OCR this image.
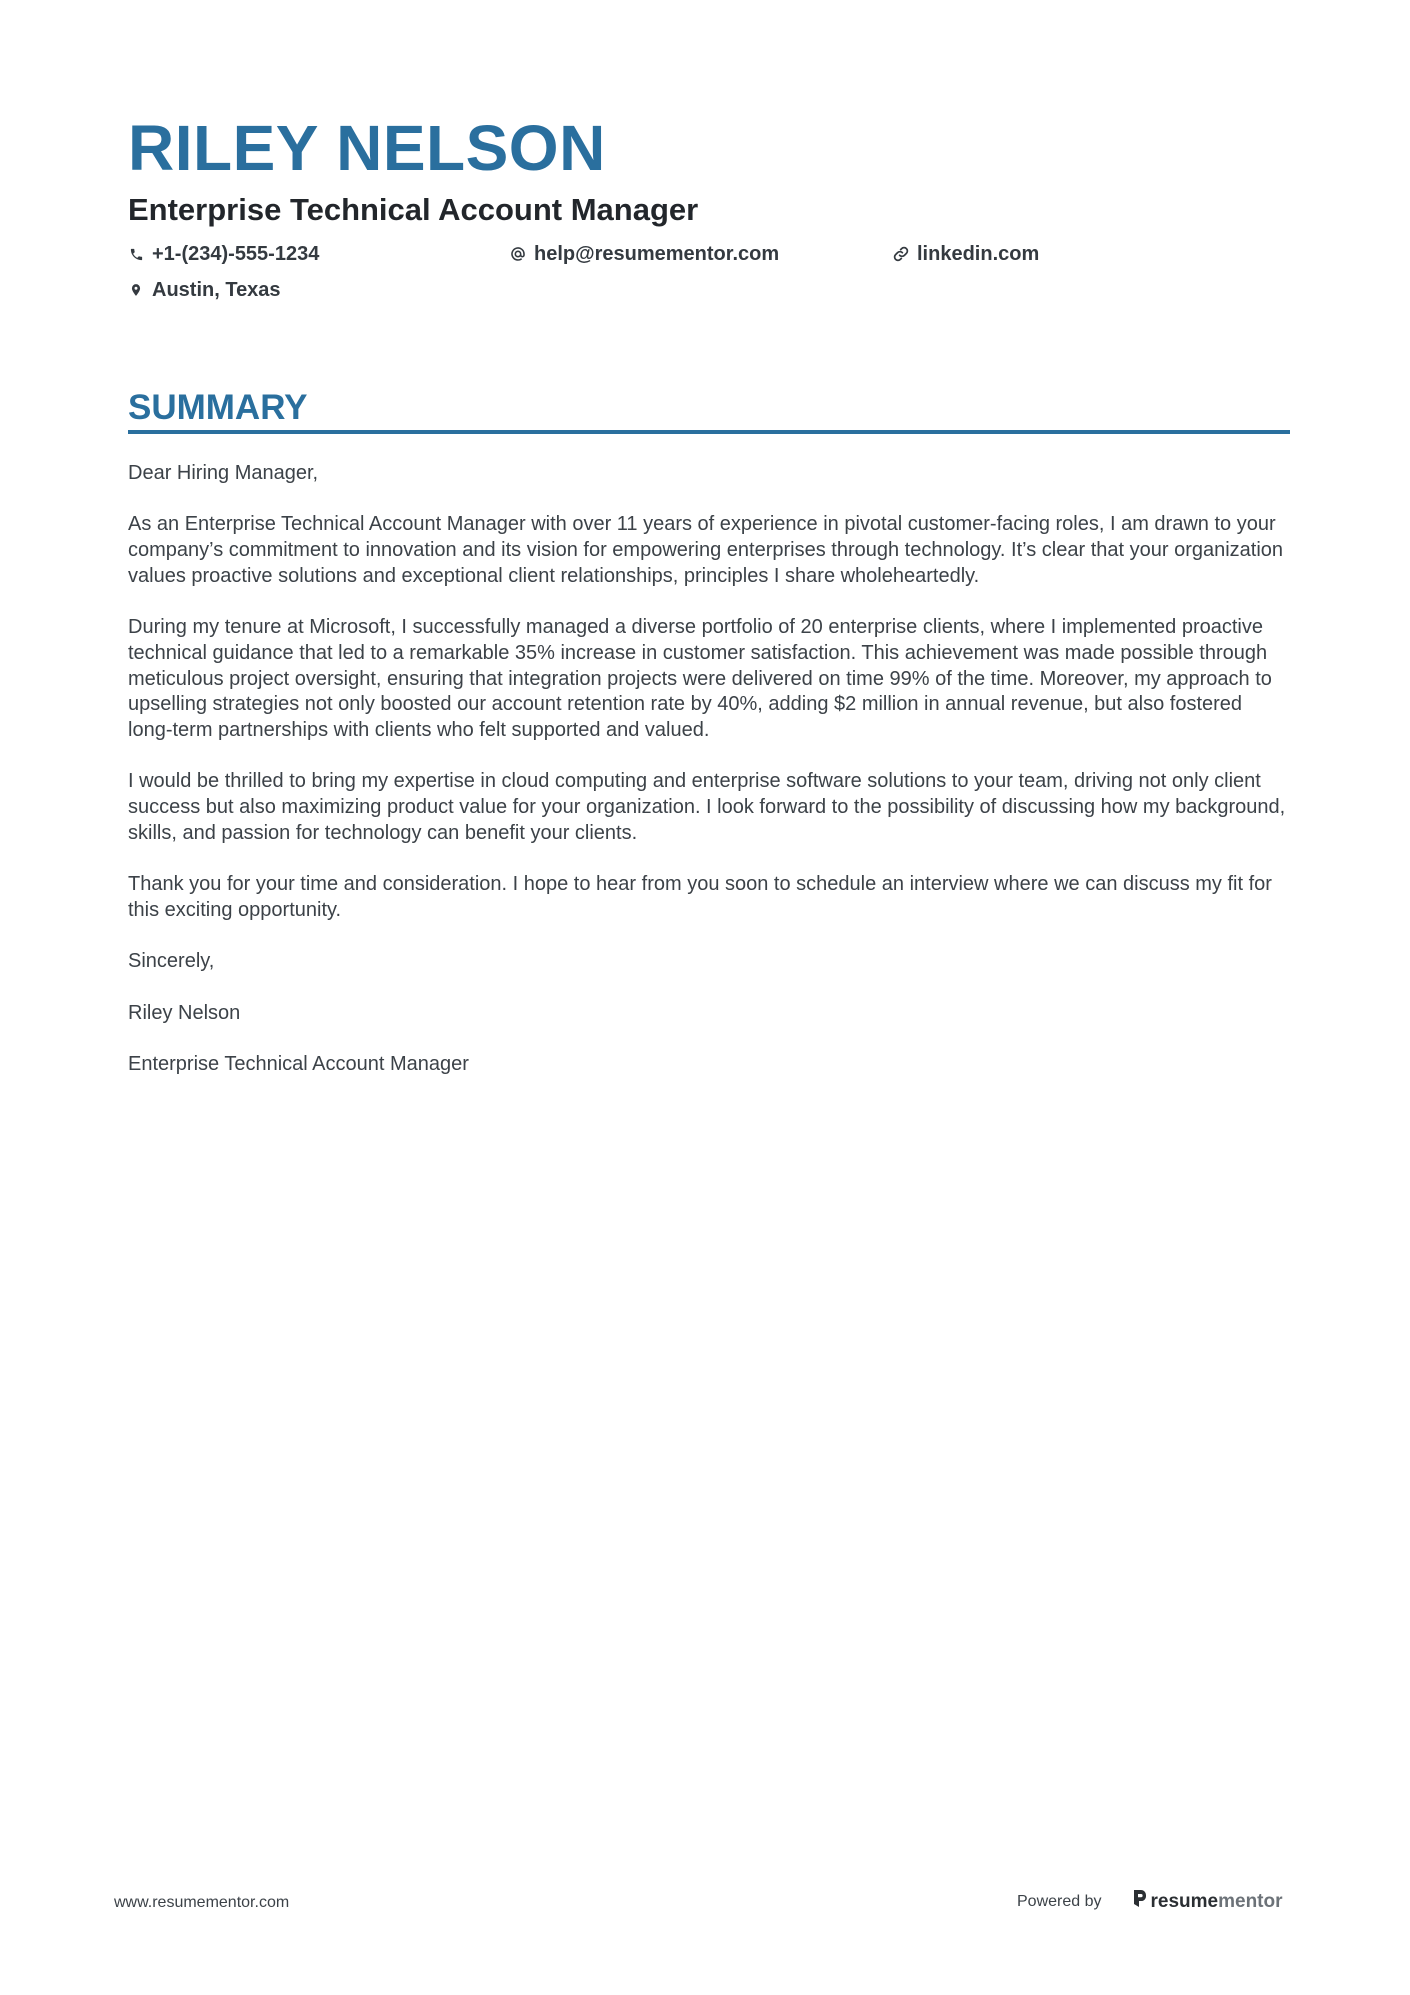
RILEY NELSON
Enterprise Technical Account Manager
+1-(234)-555-1234	help@resumementor.com	linkedin.com
Austin, Texas
SUMMARY

Dear Hiring Manager,

As an Enterprise Technical Account Manager with over 11 years of experience in pivotal customer-facing roles, I am drawn to your company’s commitment to innovation and its vision for empowering enterprises through technology. It’s clear that your organization values proactive solutions and exceptional client relationships, principles I share wholeheartedly.

During my tenure at Microsoft, I successfully managed a diverse portfolio of 20 enterprise clients, where I implemented proactive technical guidance that led to a remarkable 35% increase in customer satisfaction. This achievement was made possible through meticulous project oversight, ensuring that integration projects were delivered on time 99% of the time. Moreover, my approach to upselling strategies not only boosted our account retention rate by 40%, adding $2 million in annual revenue, but also fostered long-term partnerships with clients who felt supported and valued.

I would be thrilled to bring my expertise in cloud computing and enterprise software solutions to your team, driving not only client success but also maximizing product value for your organization. I look forward to the possibility of discussing how my background, skills, and passion for technology can benefit your clients.

Thank you for your time and consideration. I hope to hear from you soon to schedule an interview where we can discuss my fit for this exciting opportunity.

Sincerely,

Riley Nelson

Enterprise Technical Account Manager

www.resumementor.com	Powered by	resumementor
